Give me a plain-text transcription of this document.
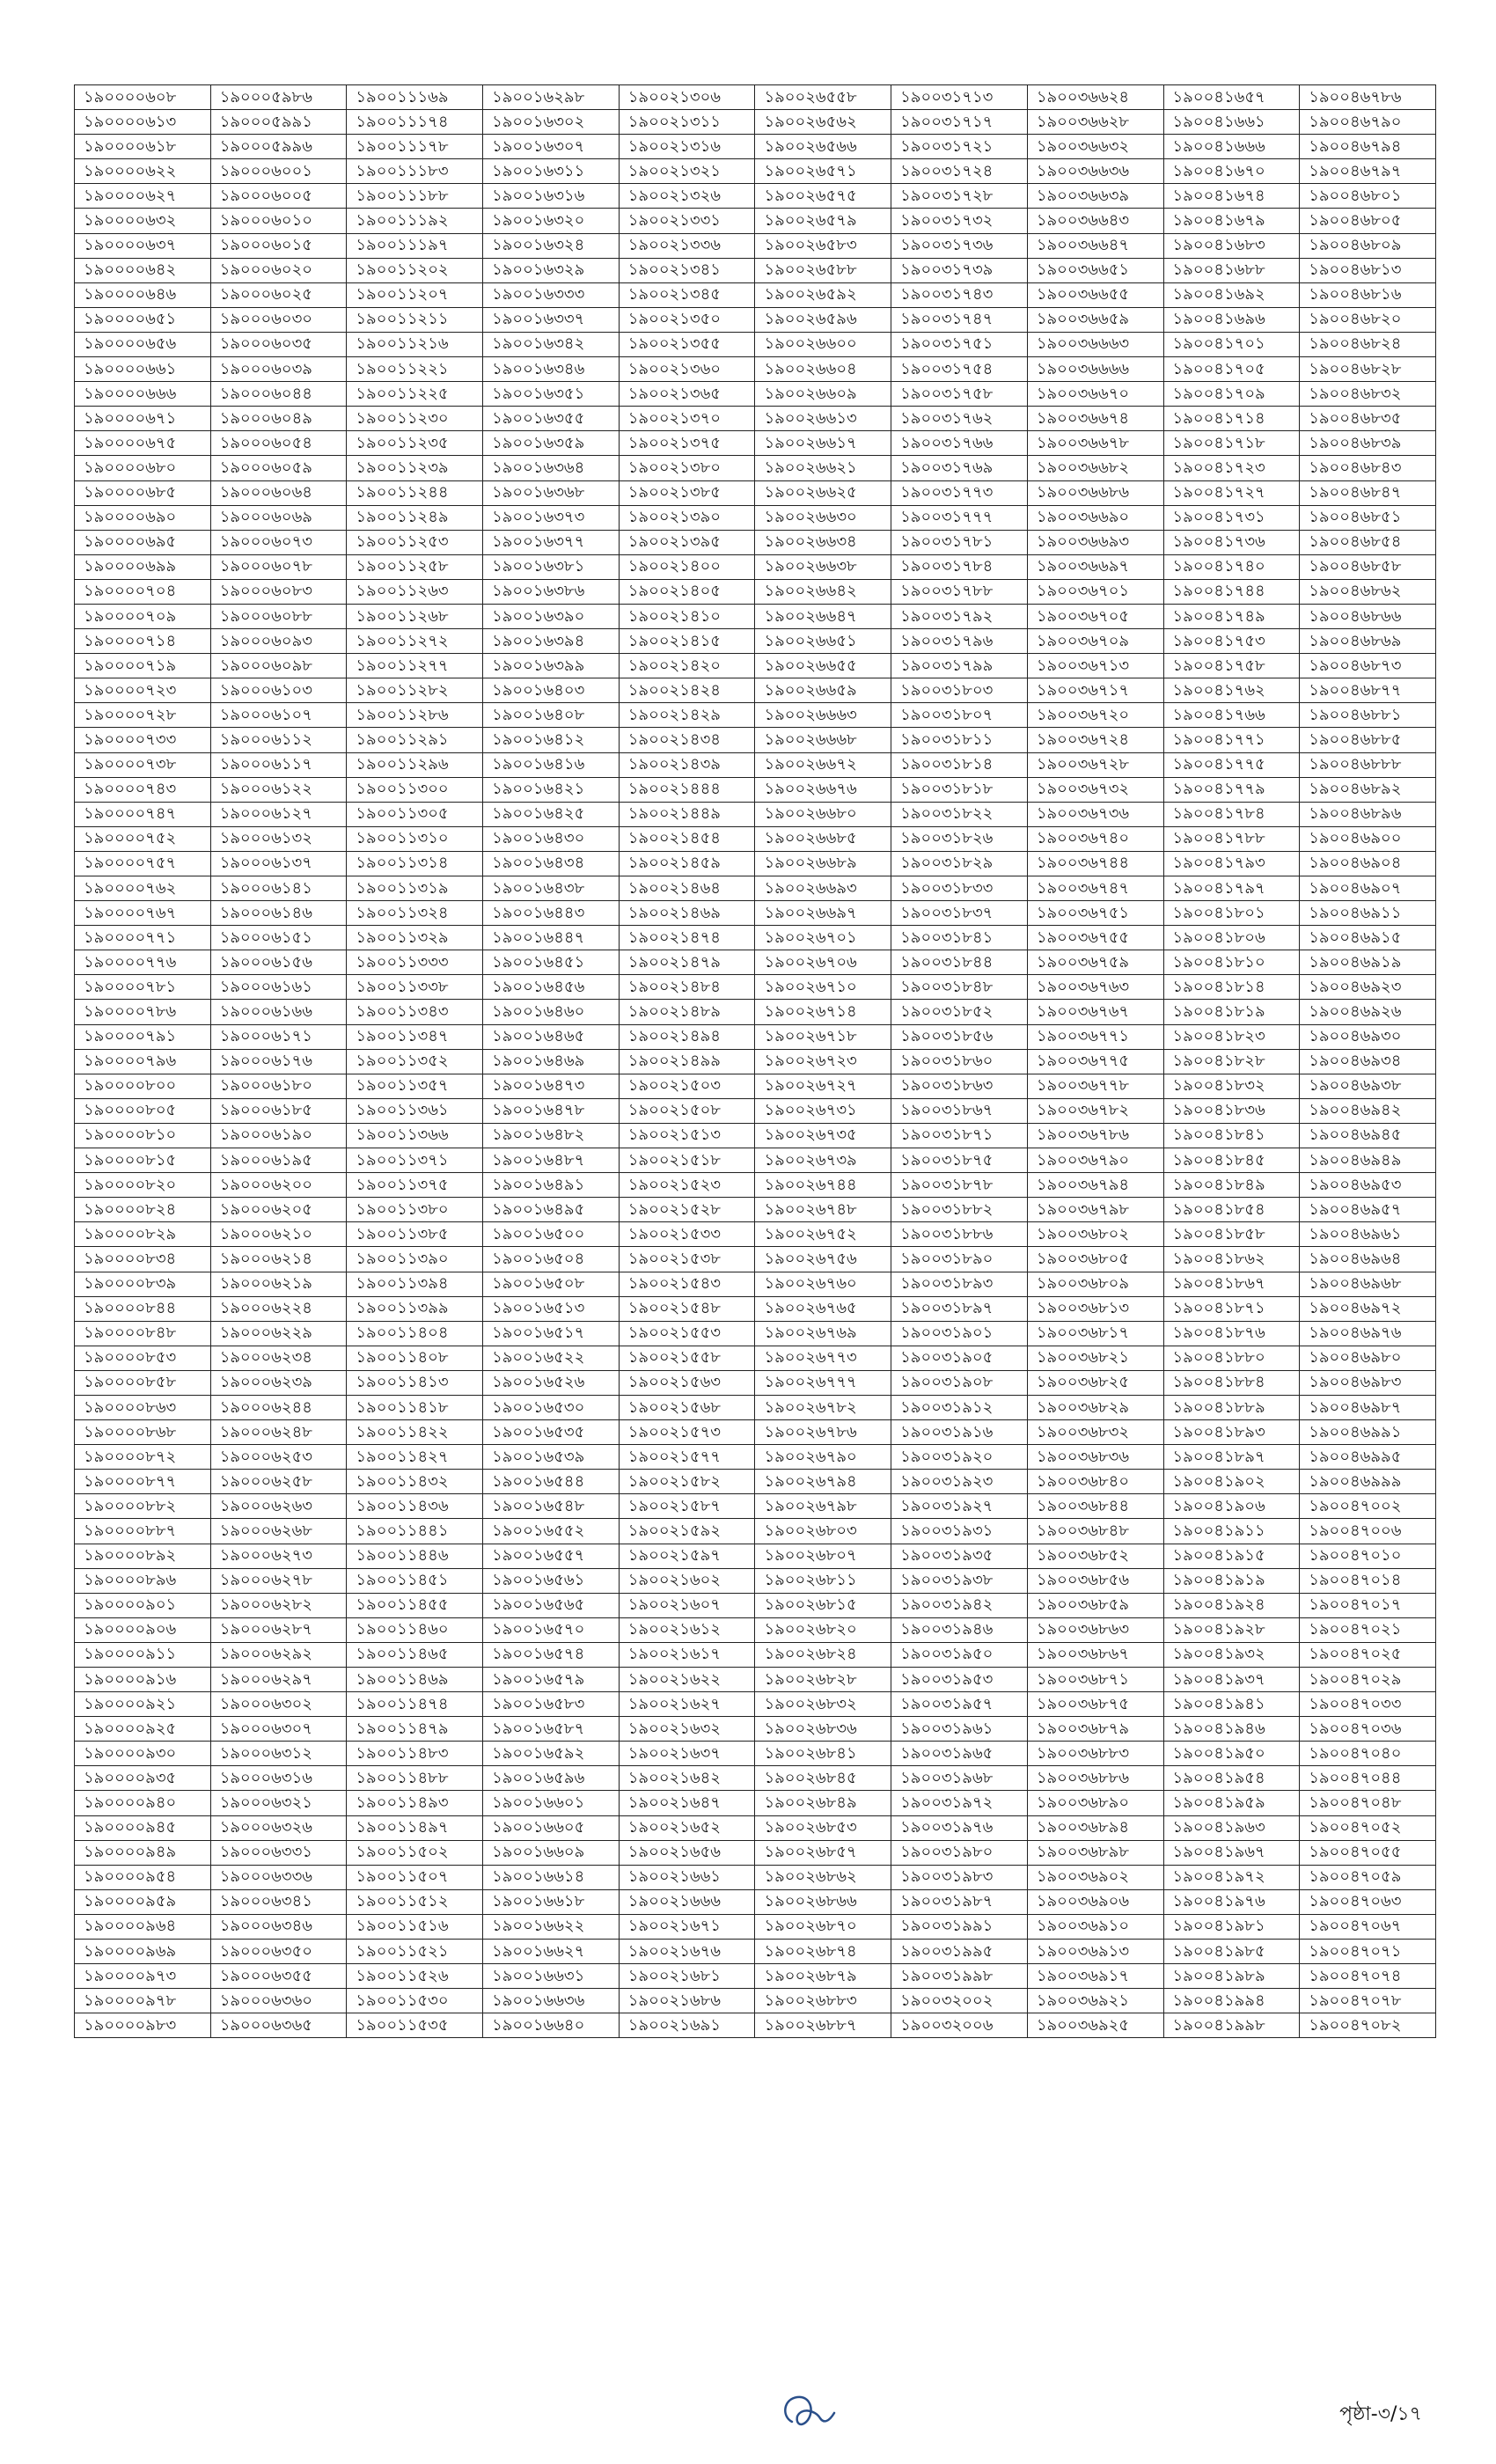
১৯০০০০৬০৮	১৯০০০৫৯৮৬	১৯০০১১১৬৯	১৯০০১৬২৯৮	১৯০০২১৩০৬	১৯০০২৬৫৫৮	১৯০০৩১৭১৩	১৯০০৩৬৬২৪	১৯০০৪১৬৫৭	১৯০০৪৬৭৮৬
১৯০০০০৬১৩	১৯০০০৫৯৯১	১৯০০১১১৭৪	১৯০০১৬৩০২	১৯০০২১৩১১	১৯০০২৬৫৬২	১৯০০৩১৭১৭	১৯০০৩৬৬২৮	১৯০০৪১৬৬১	১৯০০৪৬৭৯০
১৯০০০০৬১৮	১৯০০০৫৯৯৬	১৯০০১১১৭৮	১৯০০১৬৩০৭	১৯০০২১৩১৬	১৯০০২৬৫৬৬	১৯০০৩১৭২১	১৯০০৩৬৬৩২	১৯০০৪১৬৬৬	১৯০০৪৬৭৯৪
১৯০০০০৬২২	১৯০০০৬০০১	১৯০০১১১৮৩	১৯০০১৬৩১১	১৯০০২১৩২১	১৯০০২৬৫৭১	১৯০০৩১৭২৪	১৯০০৩৬৬৩৬	১৯০০৪১৬৭০	১৯০০৪৬৭৯৭
১৯০০০০৬২৭	১৯০০০৬০০৫	১৯০০১১১৮৮	১৯০০১৬৩১৬	১৯০০২১৩২৬	১৯০০২৬৫৭৫	১৯০০৩১৭২৮	১৯০০৩৬৬৩৯	১৯০০৪১৬৭৪	১৯০০৪৬৮০১
১৯০০০০৬৩২	১৯০০০৬০১০	১৯০০১১১৯২	১৯০০১৬৩২০	১৯০০২১৩৩১	১৯০০২৬৫৭৯	১৯০০৩১৭৩২	১৯০০৩৬৬৪৩	১৯০০৪১৬৭৯	১৯০০৪৬৮০৫
১৯০০০০৬৩৭	১৯০০০৬০১৫	১৯০০১১১৯৭	১৯০০১৬৩২৪	১৯০০২১৩৩৬	১৯০০২৬৫৮৩	১৯০০৩১৭৩৬	১৯০০৩৬৬৪৭	১৯০০৪১৬৮৩	১৯০০৪৬৮০৯
১৯০০০০৬৪২	১৯০০০৬০২০	১৯০০১১২০২	১৯০০১৬৩২৯	১৯০০২১৩৪১	১৯০০২৬৫৮৮	১৯০০৩১৭৩৯	১৯০০৩৬৬৫১	১৯০০৪১৬৮৮	১৯০০৪৬৮১৩
১৯০০০০৬৪৬	১৯০০০৬০২৫	১৯০০১১২০৭	১৯০০১৬৩৩৩	১৯০০২১৩৪৫	১৯০০২৬৫৯২	১৯০০৩১৭৪৩	১৯০০৩৬৬৫৫	১৯০০৪১৬৯২	১৯০০৪৬৮১৬
১৯০০০০৬৫১	১৯০০০৬০৩০	১৯০০১১২১১	১৯০০১৬৩৩৭	১৯০০২১৩৫০	১৯০০২৬৫৯৬	১৯০০৩১৭৪৭	১৯০০৩৬৬৫৯	১৯০০৪১৬৯৬	১৯০০৪৬৮২০
১৯০০০০৬৫৬	১৯০০০৬০৩৫	১৯০০১১২১৬	১৯০০১৬৩৪২	১৯০০২১৩৫৫	১৯০০২৬৬০০	১৯০০৩১৭৫১	১৯০০৩৬৬৬৩	১৯০০৪১৭০১	১৯০০৪৬৮২৪
১৯০০০০৬৬১	১৯০০০৬০৩৯	১৯০০১১২২১	১৯০০১৬৩৪৬	১৯০০২১৩৬০	১৯০০২৬৬০৪	১৯০০৩১৭৫৪	১৯০০৩৬৬৬৬	১৯০০৪১৭০৫	১৯০০৪৬৮২৮
১৯০০০০৬৬৬	১৯০০০৬০৪৪	১৯০০১১২২৫	১৯০০১৬৩৫১	১৯০০২১৩৬৫	১৯০০২৬৬০৯	১৯০০৩১৭৫৮	১৯০০৩৬৬৭০	১৯০০৪১৭০৯	১৯০০৪৬৮৩২
১৯০০০০৬৭১	১৯০০০৬০৪৯	১৯০০১১২৩০	১৯০০১৬৩৫৫	১৯০০২১৩৭০	১৯০০২৬৬১৩	১৯০০৩১৭৬২	১৯০০৩৬৬৭৪	১৯০০৪১৭১৪	১৯০০৪৬৮৩৫
১৯০০০০৬৭৫	১৯০০০৬০৫৪	১৯০০১১২৩৫	১৯০০১৬৩৫৯	১৯০০২১৩৭৫	১৯০০২৬৬১৭	১৯০০৩১৭৬৬	১৯০০৩৬৬৭৮	১৯০০৪১৭১৮	১৯০০৪৬৮৩৯
১৯০০০০৬৮০	১৯০০০৬০৫৯	১৯০০১১২৩৯	১৯০০১৬৩৬৪	১৯০০২১৩৮০	১৯০০২৬৬২১	১৯০০৩১৭৬৯	১৯০০৩৬৬৮২	১৯০০৪১৭২৩	১৯০০৪৬৮৪৩
১৯০০০০৬৮৫	১৯০০০৬০৬৪	১৯০০১১২৪৪	১৯০০১৬৩৬৮	১৯০০২১৩৮৫	১৯০০২৬৬২৫	১৯০০৩১৭৭৩	১৯০০৩৬৬৮৬	১৯০০৪১৭২৭	১৯০০৪৬৮৪৭
১৯০০০০৬৯০	১৯০০০৬০৬৯	১৯০০১১২৪৯	১৯০০১৬৩৭৩	১৯০০২১৩৯০	১৯০০২৬৬৩০	১৯০০৩১৭৭৭	১৯০০৩৬৬৯০	১৯০০৪১৭৩১	১৯০০৪৬৮৫১
১৯০০০০৬৯৫	১৯০০০৬০৭৩	১৯০০১১২৫৩	১৯০০১৬৩৭৭	১৯০০২১৩৯৫	১৯০০২৬৬৩৪	১৯০০৩১৭৮১	১৯০০৩৬৬৯৩	১৯০০৪১৭৩৬	১৯০০৪৬৮৫৪
১৯০০০০৬৯৯	১৯০০০৬০৭৮	১৯০০১১২৫৮	১৯০০১৬৩৮১	১৯০০২১৪০০	১৯০০২৬৬৩৮	১৯০০৩১৭৮৪	১৯০০৩৬৬৯৭	১৯০০৪১৭৪০	১৯০০৪৬৮৫৮
১৯০০০০৭০৪	১৯০০০৬০৮৩	১৯০০১১২৬৩	১৯০০১৬৩৮৬	১৯০০২১৪০৫	১৯০০২৬৬৪২	১৯০০৩১৭৮৮	১৯০০৩৬৭০১	১৯০০৪১৭৪৪	১৯০০৪৬৮৬২
১৯০০০০৭০৯	১৯০০০৬০৮৮	১৯০০১১২৬৮	১৯০০১৬৩৯০	১৯০০২১৪১০	১৯০০২৬৬৪৭	১৯০০৩১৭৯২	১৯০০৩৬৭০৫	১৯০০৪১৭৪৯	১৯০০৪৬৮৬৬
১৯০০০০৭১৪	১৯০০০৬০৯৩	১৯০০১১২৭২	১৯০০১৬৩৯৪	১৯০০২১৪১৫	১৯০০২৬৬৫১	১৯০০৩১৭৯৬	১৯০০৩৬৭০৯	১৯০০৪১৭৫৩	১৯০০৪৬৮৬৯
১৯০০০০৭১৯	১৯০০০৬০৯৮	১৯০০১১২৭৭	১৯০০১৬৩৯৯	১৯০০২১৪২০	১৯০০২৬৬৫৫	১৯০০৩১৭৯৯	১৯০০৩৬৭১৩	১৯০০৪১৭৫৮	১৯০০৪৬৮৭৩
১৯০০০০৭২৩	১৯০০০৬১০৩	১৯০০১১২৮২	১৯০০১৬৪০৩	১৯০০২১৪২৪	১৯০০২৬৬৫৯	১৯০০৩১৮০৩	১৯০০৩৬৭১৭	১৯০০৪১৭৬২	১৯০০৪৬৮৭৭
১৯০০০০৭২৮	১৯০০০৬১০৭	১৯০০১১২৮৬	১৯০০১৬৪০৮	১৯০০২১৪২৯	১৯০০২৬৬৬৩	১৯০০৩১৮০৭	১৯০০৩৬৭২০	১৯০০৪১৭৬৬	১৯০০৪৬৮৮১
১৯০০০০৭৩৩	১৯০০০৬১১২	১৯০০১১২৯১	১৯০০১৬৪১২	১৯০০২১৪৩৪	১৯০০২৬৬৬৮	১৯০০৩১৮১১	১৯০০৩৬৭২৪	১৯০০৪১৭৭১	১৯০০৪৬৮৮৫
১৯০০০০৭৩৮	১৯০০০৬১১৭	১৯০০১১২৯৬	১৯০০১৬৪১৬	১৯০০২১৪৩৯	১৯০০২৬৬৭২	১৯০০৩১৮১৪	১৯০০৩৬৭২৮	১৯০০৪১৭৭৫	১৯০০৪৬৮৮৮
১৯০০০০৭৪৩	১৯০০০৬১২২	১৯০০১১৩০০	১৯০০১৬৪২১	১৯০০২১৪৪৪	১৯০০২৬৬৭৬	১৯০০৩১৮১৮	১৯০০৩৬৭৩২	১৯০০৪১৭৭৯	১৯০০৪৬৮৯২
১৯০০০০৭৪৭	১৯০০০৬১২৭	১৯০০১১৩০৫	১৯০০১৬৪২৫	১৯০০২১৪৪৯	১৯০০২৬৬৮০	১৯০০৩১৮২২	১৯০০৩৬৭৩৬	১৯০০৪১৭৮৪	১৯০০৪৬৮৯৬
১৯০০০০৭৫২	১৯০০০৬১৩২	১৯০০১১৩১০	১৯০০১৬৪৩০	১৯০০২১৪৫৪	১৯০০২৬৬৮৫	১৯০০৩১৮২৬	১৯০০৩৬৭৪০	১৯০০৪১৭৮৮	১৯০০৪৬৯০০
১৯০০০০৭৫৭	১৯০০০৬১৩৭	১৯০০১১৩১৪	১৯০০১৬৪৩৪	১৯০০২১৪৫৯	১৯০০২৬৬৮৯	১৯০০৩১৮২৯	১৯০০৩৬৭৪৪	১৯০০৪১৭৯৩	১৯০০৪৬৯০৪
১৯০০০০৭৬২	১৯০০০৬১৪১	১৯০০১১৩১৯	১৯০০১৬৪৩৮	১৯০০২১৪৬৪	১৯০০২৬৬৯৩	১৯০০৩১৮৩৩	১৯০০৩৬৭৪৭	১৯০০৪১৭৯৭	১৯০০৪৬৯০৭
১৯০০০০৭৬৭	১৯০০০৬১৪৬	১৯০০১১৩২৪	১৯০০১৬৪৪৩	১৯০০২১৪৬৯	১৯০০২৬৬৯৭	১৯০০৩১৮৩৭	১৯০০৩৬৭৫১	১৯০০৪১৮০১	১৯০০৪৬৯১১
১৯০০০০৭৭১	১৯০০০৬১৫১	১৯০০১১৩২৯	১৯০০১৬৪৪৭	১৯০০২১৪৭৪	১৯০০২৬৭০১	১৯০০৩১৮৪১	১৯০০৩৬৭৫৫	১৯০০৪১৮০৬	১৯০০৪৬৯১৫
১৯০০০০৭৭৬	১৯০০০৬১৫৬	১৯০০১১৩৩৩	১৯০০১৬৪৫১	১৯০০২১৪৭৯	১৯০০২৬৭০৬	১৯০০৩১৮৪৪	১৯০০৩৬৭৫৯	১৯০০৪১৮১০	১৯০০৪৬৯১৯
১৯০০০০৭৮১	১৯০০০৬১৬১	১৯০০১১৩৩৮	১৯০০১৬৪৫৬	১৯০০২১৪৮৪	১৯০০২৬৭১০	১৯০০৩১৮৪৮	১৯০০৩৬৭৬৩	১৯০০৪১৮১৪	১৯০০৪৬৯২৩
১৯০০০০৭৮৬	১৯০০০৬১৬৬	১৯০০১১৩৪৩	১৯০০১৬৪৬০	১৯০০২১৪৮৯	১৯০০২৬৭১৪	১৯০০৩১৮৫২	১৯০০৩৬৭৬৭	১৯০০৪১৮১৯	১৯০০৪৬৯২৬
১৯০০০০৭৯১	১৯০০০৬১৭১	১৯০০১১৩৪৭	১৯০০১৬৪৬৫	১৯০০২১৪৯৪	১৯০০২৬৭১৮	১৯০০৩১৮৫৬	১৯০০৩৬৭৭১	১৯০০৪১৮২৩	১৯০০৪৬৯৩০
১৯০০০০৭৯৬	১৯০০০৬১৭৬	১৯০০১১৩৫২	১৯০০১৬৪৬৯	১৯০০২১৪৯৯	১৯০০২৬৭২৩	১৯০০৩১৮৬০	১৯০০৩৬৭৭৫	১৯০০৪১৮২৮	১৯০০৪৬৯৩৪
১৯০০০০৮০০	১৯০০০৬১৮০	১৯০০১১৩৫৭	১৯০০১৬৪৭৩	১৯০০২১৫০৩	১৯০০২৬৭২৭	১৯০০৩১৮৬৩	১৯০০৩৬৭৭৮	১৯০০৪১৮৩২	১৯০০৪৬৯৩৮
১৯০০০০৮০৫	১৯০০০৬১৮৫	১৯০০১১৩৬১	১৯০০১৬৪৭৮	১৯০০২১৫০৮	১৯০০২৬৭৩১	১৯০০৩১৮৬৭	১৯০০৩৬৭৮২	১৯০০৪১৮৩৬	১৯০০৪৬৯৪২
১৯০০০০৮১০	১৯০০০৬১৯০	১৯০০১১৩৬৬	১৯০০১৬৪৮২	১৯০০২১৫১৩	১৯০০২৬৭৩৫	১৯০০৩১৮৭১	১৯০০৩৬৭৮৬	১৯০০৪১৮৪১	১৯০০৪৬৯৪৫
১৯০০০০৮১৫	১৯০০০৬১৯৫	১৯০০১১৩৭১	১৯০০১৬৪৮৭	১৯০০২১৫১৮	১৯০০২৬৭৩৯	১৯০০৩১৮৭৫	১৯০০৩৬৭৯০	১৯০০৪১৮৪৫	১৯০০৪৬৯৪৯
১৯০০০০৮২০	১৯০০০৬২০০	১৯০০১১৩৭৫	১৯০০১৬৪৯১	১৯০০২১৫২৩	১৯০০২৬৭৪৪	১৯০০৩১৮৭৮	১৯০০৩৬৭৯৪	১৯০০৪১৮৪৯	১৯০০৪৬৯৫৩
১৯০০০০৮২৪	১৯০০০৬২০৫	১৯০০১১৩৮০	১৯০০১৬৪৯৫	১৯০০২১৫২৮	১৯০০২৬৭৪৮	১৯০০৩১৮৮২	১৯০০৩৬৭৯৮	১৯০০৪১৮৫৪	১৯০০৪৬৯৫৭
১৯০০০০৮২৯	১৯০০০৬২১০	১৯০০১১৩৮৫	১৯০০১৬৫০০	১৯০০২১৫৩৩	১৯০০২৬৭৫২	১৯০০৩১৮৮৬	১৯০০৩৬৮০২	১৯০০৪১৮৫৮	১৯০০৪৬৯৬১
১৯০০০০৮৩৪	১৯০০০৬২১৪	১৯০০১১৩৯০	১৯০০১৬৫০৪	১৯০০২১৫৩৮	১৯০০২৬৭৫৬	১৯০০৩১৮৯০	১৯০০৩৬৮০৫	১৯০০৪১৮৬২	১৯০০৪৬৯৬৪
১৯০০০০৮৩৯	১৯০০০৬২১৯	১৯০০১১৩৯৪	১৯০০১৬৫০৮	১৯০০২১৫৪৩	১৯০০২৬৭৬০	১৯০০৩১৮৯৩	১৯০০৩৬৮০৯	১৯০০৪১৮৬৭	১৯০০৪৬৯৬৮
১৯০০০০৮৪৪	১৯০০০৬২২৪	১৯০০১১৩৯৯	১৯০০১৬৫১৩	১৯০০২১৫৪৮	১৯০০২৬৭৬৫	১৯০০৩১৮৯৭	১৯০০৩৬৮১৩	১৯০০৪১৮৭১	১৯০০৪৬৯৭২
১৯০০০০৮৪৮	১৯০০০৬২২৯	১৯০০১১৪০৪	১৯০০১৬৫১৭	১৯০০২১৫৫৩	১৯০০২৬৭৬৯	১৯০০৩১৯০১	১৯০০৩৬৮১৭	১৯০০৪১৮৭৬	১৯০০৪৬৯৭৬
১৯০০০০৮৫৩	১৯০০০৬২৩৪	১৯০০১১৪০৮	১৯০০১৬৫২২	১৯০০২১৫৫৮	১৯০০২৬৭৭৩	১৯০০৩১৯০৫	১৯০০৩৬৮২১	১৯০০৪১৮৮০	১৯০০৪৬৯৮০
১৯০০০০৮৫৮	১৯০০০৬২৩৯	১৯০০১১৪১৩	১৯০০১৬৫২৬	১৯০০২১৫৬৩	১৯০০২৬৭৭৭	১৯০০৩১৯০৮	১৯০০৩৬৮২৫	১৯০০৪১৮৮৪	১৯০০৪৬৯৮৩
১৯০০০০৮৬৩	১৯০০০৬২৪৪	১৯০০১১৪১৮	১৯০০১৬৫৩০	১৯০০২১৫৬৮	১৯০০২৬৭৮২	১৯০০৩১৯১২	১৯০০৩৬৮২৯	১৯০০৪১৮৮৯	১৯০০৪৬৯৮৭
১৯০০০০৮৬৮	১৯০০০৬২৪৮	১৯০০১১৪২২	১৯০০১৬৫৩৫	১৯০০২১৫৭৩	১৯০০২৬৭৮৬	১৯০০৩১৯১৬	১৯০০৩৬৮৩২	১৯০০৪১৮৯৩	১৯০০৪৬৯৯১
১৯০০০০৮৭২	১৯০০০৬২৫৩	১৯০০১১৪২৭	১৯০০১৬৫৩৯	১৯০০২১৫৭৭	১৯০০২৬৭৯০	১৯০০৩১৯২০	১৯০০৩৬৮৩৬	১৯০০৪১৮৯৭	১৯০০৪৬৯৯৫
১৯০০০০৮৭৭	১৯০০০৬২৫৮	১৯০০১১৪৩২	১৯০০১৬৫৪৪	১৯০০২১৫৮২	১৯০০২৬৭৯৪	১৯০০৩১৯২৩	১৯০০৩৬৮৪০	১৯০০৪১৯০২	১৯০০৪৬৯৯৯
১৯০০০০৮৮২	১৯০০০৬২৬৩	১৯০০১১৪৩৬	১৯০০১৬৫৪৮	১৯০০২১৫৮৭	১৯০০২৬৭৯৮	১৯০০৩১৯২৭	১৯০০৩৬৮৪৪	১৯০০৪১৯০৬	১৯০০৪৭০০২
১৯০০০০৮৮৭	১৯০০০৬২৬৮	১৯০০১১৪৪১	১৯০০১৬৫৫২	১৯০০২১৫৯২	১৯০০২৬৮০৩	১৯০০৩১৯৩১	১৯০০৩৬৮৪৮	১৯০০৪১৯১১	১৯০০৪৭০০৬
১৯০০০০৮৯২	১৯০০০৬২৭৩	১৯০০১১৪৪৬	১৯০০১৬৫৫৭	১৯০০২১৫৯৭	১৯০০২৬৮০৭	১৯০০৩১৯৩৫	১৯০০৩৬৮৫২	১৯০০৪১৯১৫	১৯০০৪৭০১০
১৯০০০০৮৯৬	১৯০০০৬২৭৮	১৯০০১১৪৫১	১৯০০১৬৫৬১	১৯০০২১৬০২	১৯০০২৬৮১১	১৯০০৩১৯৩৮	১৯০০৩৬৮৫৬	১৯০০৪১৯১৯	১৯০০৪৭০১৪
১৯০০০০৯০১	১৯০০০৬২৮২	১৯০০১১৪৫৫	১৯০০১৬৫৬৫	১৯০০২১৬০৭	১৯০০২৬৮১৫	১৯০০৩১৯৪২	১৯০০৩৬৮৫৯	১৯০০৪১৯২৪	১৯০০৪৭০১৭
১৯০০০০৯০৬	১৯০০০৬২৮৭	১৯০০১১৪৬০	১৯০০১৬৫৭০	১৯০০২১৬১২	১৯০০২৬৮২০	১৯০০৩১৯৪৬	১৯০০৩৬৮৬৩	১৯০০৪১৯২৮	১৯০০৪৭০২১
১৯০০০০৯১১	১৯০০০৬২৯২	১৯০০১১৪৬৫	১৯০০১৬৫৭৪	১৯০০২১৬১৭	১৯০০২৬৮২৪	১৯০০৩১৯৫০	১৯০০৩৬৮৬৭	১৯০০৪১৯৩২	১৯০০৪৭০২৫
১৯০০০০৯১৬	১৯০০০৬২৯৭	১৯০০১১৪৬৯	১৯০০১৬৫৭৯	১৯০০২১৬২২	১৯০০২৬৮২৮	১৯০০৩১৯৫৩	১৯০০৩৬৮৭১	১৯০০৪১৯৩৭	১৯০০৪৭০২৯
১৯০০০০৯২১	১৯০০০৬৩০২	১৯০০১১৪৭৪	১৯০০১৬৫৮৩	১৯০০২১৬২৭	১৯০০২৬৮৩২	১৯০০৩১৯৫৭	১৯০০৩৬৮৭৫	১৯০০৪১৯৪১	১৯০০৪৭০৩৩
১৯০০০০৯২৫	১৯০০০৬৩০৭	১৯০০১১৪৭৯	১৯০০১৬৫৮৭	১৯০০২১৬৩২	১৯০০২৬৮৩৬	১৯০০৩১৯৬১	১৯০০৩৬৮৭৯	১৯০০৪১৯৪৬	১৯০০৪৭০৩৬
১৯০০০০৯৩০	১৯০০০৬৩১২	১৯০০১১৪৮৩	১৯০০১৬৫৯২	১৯০০২১৬৩৭	১৯০০২৬৮৪১	১৯০০৩১৯৬৫	১৯০০৩৬৮৮৩	১৯০০৪১৯৫০	১৯০০৪৭০৪০
১৯০০০০৯৩৫	১৯০০০৬৩১৬	১৯০০১১৪৮৮	১৯০০১৬৫৯৬	১৯০০২১৬৪২	১৯০০২৬৮৪৫	১৯০০৩১৯৬৮	১৯০০৩৬৮৮৬	১৯০০৪১৯৫৪	১৯০০৪৭০৪৪
১৯০০০০৯৪০	১৯০০০৬৩২১	১৯০০১১৪৯৩	১৯০০১৬৬০১	১৯০০২১৬৪৭	১৯০০২৬৮৪৯	১৯০০৩১৯৭২	১৯০০৩৬৮৯০	১৯০০৪১৯৫৯	১৯০০৪৭০৪৮
১৯০০০০৯৪৫	১৯০০০৬৩২৬	১৯০০১১৪৯৭	১৯০০১৬৬০৫	১৯০০২১৬৫২	১৯০০২৬৮৫৩	১৯০০৩১৯৭৬	১৯০০৩৬৮৯৪	১৯০০৪১৯৬৩	১৯০০৪৭০৫২
১৯০০০০৯৪৯	১৯০০০৬৩৩১	১৯০০১১৫০২	১৯০০১৬৬০৯	১৯০০২১৬৫৬	১৯০০২৬৮৫৭	১৯০০৩১৯৮০	১৯০০৩৬৮৯৮	১৯০০৪১৯৬৭	১৯০০৪৭০৫৫
১৯০০০০৯৫৪	১৯০০০৬৩৩৬	১৯০০১১৫০৭	১৯০০১৬৬১৪	১৯০০২১৬৬১	১৯০০২৬৮৬২	১৯০০৩১৯৮৩	১৯০০৩৬৯০২	১৯০০৪১৯৭২	১৯০০৪৭০৫৯
১৯০০০০৯৫৯	১৯০০০৬৩৪১	১৯০০১১৫১২	১৯০০১৬৬১৮	১৯০০২১৬৬৬	১৯০০২৬৮৬৬	১৯০০৩১৯৮৭	১৯০০৩৬৯০৬	১৯০০৪১৯৭৬	১৯০০৪৭০৬৩
১৯০০০০৯৬৪	১৯০০০৬৩৪৬	১৯০০১১৫১৬	১৯০০১৬৬২২	১৯০০২১৬৭১	১৯০০২৬৮৭০	১৯০০৩১৯৯১	১৯০০৩৬৯১০	১৯০০৪১৯৮১	১৯০০৪৭০৬৭
১৯০০০০৯৬৯	১৯০০০৬৩৫০	১৯০০১১৫২১	১৯০০১৬৬২৭	১৯০০২১৬৭৬	১৯০০২৬৮৭৪	১৯০০৩১৯৯৫	১৯০০৩৬৯১৩	১৯০০৪১৯৮৫	১৯০০৪৭০৭১
১৯০০০০৯৭৩	১৯০০০৬৩৫৫	১৯০০১১৫২৬	১৯০০১৬৬৩১	১৯০০২১৬৮১	১৯০০২৬৮৭৯	১৯০০৩১৯৯৮	১৯০০৩৬৯১৭	১৯০০৪১৯৮৯	১৯০০৪৭০৭৪
১৯০০০০৯৭৮	১৯০০০৬৩৬০	১৯০০১১৫৩০	১৯০০১৬৬৩৬	১৯০০২১৬৮৬	১৯০০২৬৮৮৩	১৯০০৩২০০২	১৯০০৩৬৯২১	১৯০০৪১৯৯৪	১৯০০৪৭০৭৮
১৯০০০০৯৮৩	১৯০০০৬৩৬৫	১৯০০১১৫৩৫	১৯০০১৬৬৪০	১৯০০২১৬৯১	১৯০০২৬৮৮৭	১৯০০৩২০০৬	১৯০০৩৬৯২৫	১৯০০৪১৯৯৮	১৯০০৪৭০৮২
পৃষ্ঠা-৩/১৭
